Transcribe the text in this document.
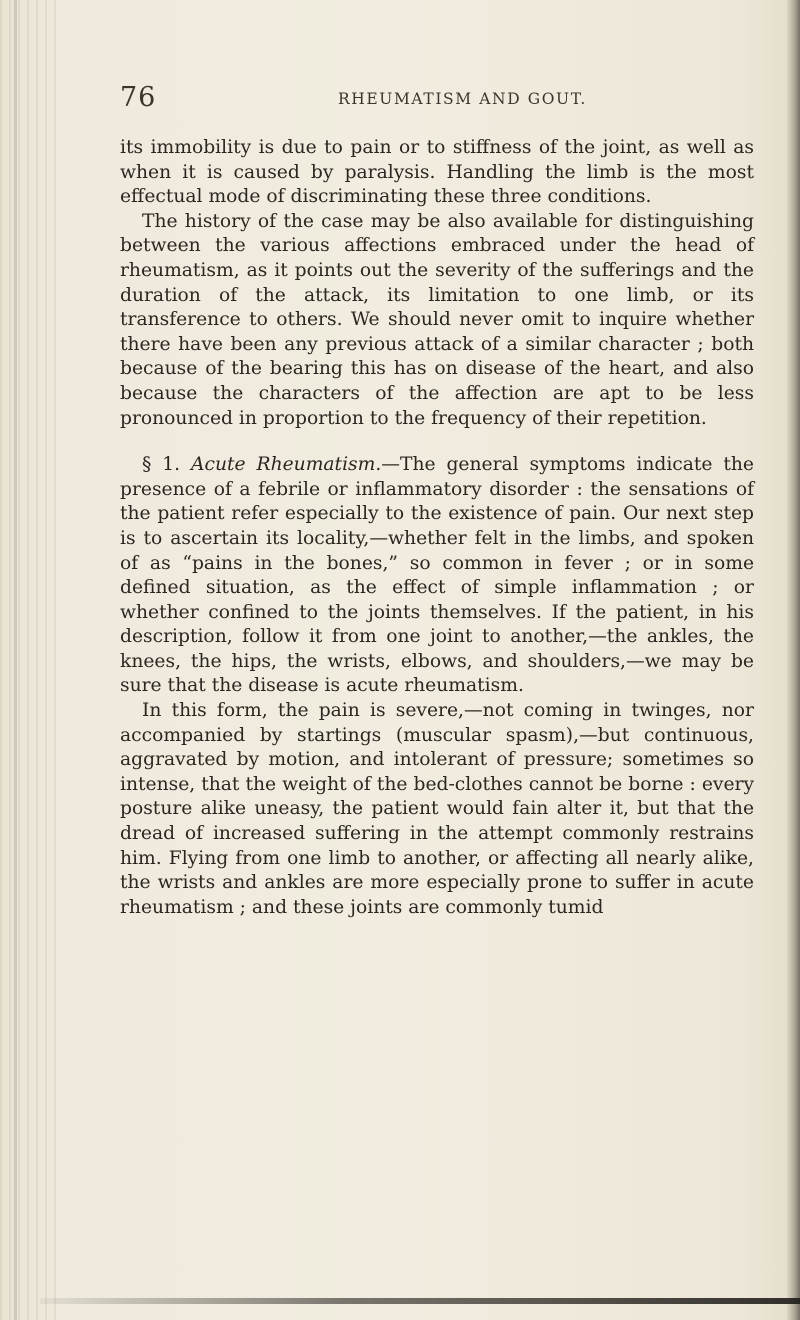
76	RHEUMATISM AND GOUT.

its immobility is due to pain or to stiffness of the joint, as well as when it is caused by paralysis. Handling the limb is the most effectual mode of discriminating these three conditions.

The history of the case may be also available for distinguishing between the various affections embraced under the head of rheumatism, as it points out the severity of the sufferings and the duration of the attack, its limitation to one limb, or its transference to others. We should never omit to inquire whether there have been any previous attack of a similar character ; both because of the bearing this has on disease of the heart, and also because the characters of the affection are apt to be less pronounced in proportion to the frequency of their repetition.

§ 1. Acute Rheumatism.—The general symptoms indicate the presence of a febrile or inflammatory disorder : the sensations of the patient refer especially to the existence of pain. Our next step is to ascertain its locality,—whether felt in the limbs, and spoken of as “pains in the bones,” so common in fever ; or in some defined situation, as the effect of simple inflammation ; or whether confined to the joints themselves. If the patient, in his description, follow it from one joint to another,—the ankles, the knees, the hips, the wrists, elbows, and shoulders,—we may be sure that the disease is acute rheumatism.

In this form, the pain is severe,—not coming in twinges, nor accompanied by startings (muscular spasm),—but continuous, aggravated by motion, and intolerant of pressure; sometimes so intense, that the weight of the bed-clothes cannot be borne : every posture alike uneasy, the patient would fain alter it, but that the dread of increased suffering in the attempt commonly restrains him. Flying from one limb to another, or affecting all nearly alike, the wrists and ankles are more especially prone to suffer in acute rheumatism ; and these joints are commonly tumid
